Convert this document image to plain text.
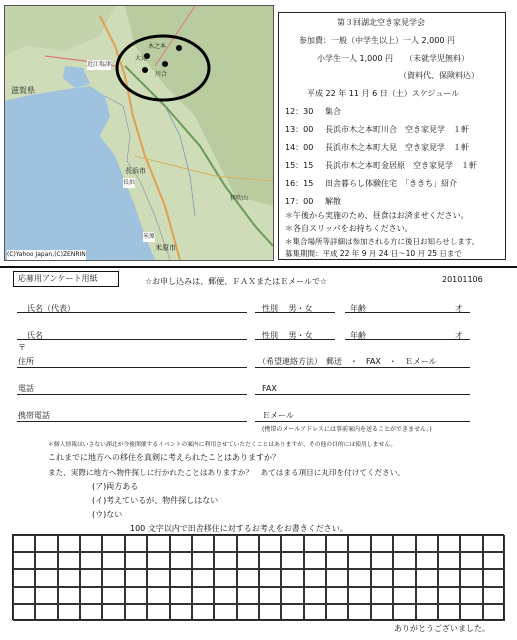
滋賀県
木之本
大見
川合
近江塩津
長浜市
長浜
米原市
米原
伊吹山
(C)Yahoo Japan,(C)ZENRIN
第３回湖北空き家見学会
参加費：一般（中学生以上）一人 2,000 円
小学生一人 1,000 円　　（未就学児無料）
（資料代、保険料込）
平成 22 年 11 月 6 日（土）スケジュール
12：30 集合
13：00 長浜市木之本町川合　空き家見学　１軒
14：00 長浜市木之本町大見　空き家見学　１軒
15：15 長浜市木之本町金居原　空き家見学　１軒
16：15 田舎暮らし体験住宅　「ききち」紹介
17：00 解散
＊午後から実施のため、昼食はお済ませください。
＊各自スリッパをお持ちください。
＊集合場所等詳細は参加される方に後日お知らせします。
募集期間：平成 22 年 9 月 24 日～10 月 25 日まで
応募用アンケート用紙	☆お申し込みは、郵便、ＦＡＸまたはＥメールで☆	20101106
氏名（代表）	性別　 男・女	年齢	才
氏名	性別　 男・女	年齢	才
〒
住所	（希望連絡方法）　郵送　・　FAX　・　Ｅメール
電話	FAX
携帯電話	Ｅメール
(携帯のメールアドレスには事前案内を送ることができません。)
＊個人情報はいさない湖北が今後開催するイベントの案内に利用させていただくことはありますが、その他の目的には使用しません。
これまでに地方への移住を真剣に考えられたことはありますか？
また、実際に地方へ物件探しに行かれたことはありますか？　あてはまる項目に丸印を付けてください。
(ア)両方ある
(イ)考えているが、物件探しはない
(ウ)ない
100 文字以内で田舎移住に対するお考えをお書きください。
ありがとうございました。
